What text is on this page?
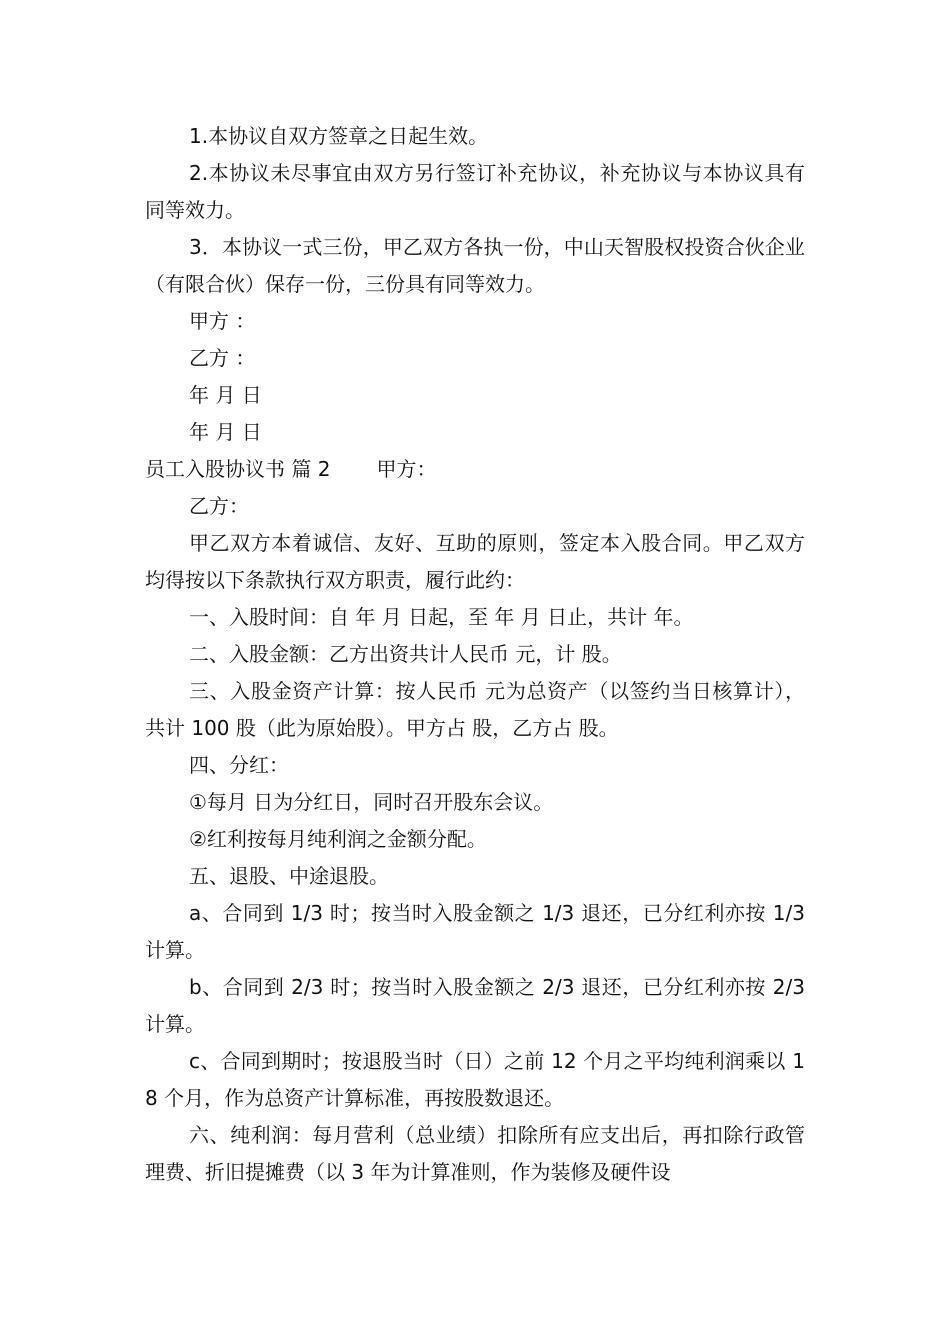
1.本协议自双方签章之日起生效。

2.本协议未尽事宜由双方另行签订补充协议，补充协议与本协议具有同等效力。

3．本协议一式三份，甲乙双方各执一份，中山天智股权投资合伙企业（有限合伙）保存一份，三份具有同等效力。

甲方 ：

乙方 ：

年 月 日

年 月 日

员工入股协议书 篇 2 甲方：

乙方：

甲乙双方本着诚信、友好、互助的原则，签定本入股合同。甲乙双方均得按以下条款执行双方职责，履行此约：

一、入股时间：自 年 月 日起，至 年 月 日止，共计 年。

二、入股金额：乙方出资共计人民币 元，计 股。

三、入股金资产计算：按人民币 元为总资产（以签约当日核算计），共计 100 股（此为原始股）。甲方占 股，乙方占 股。

四、分红：

①每月 日为分红日，同时召开股东会议。

②红利按每月纯利润之金额分配。

五、退股、中途退股。

a、合同到 1/3 时；按当时入股金额之 1/3 退还，已分红利亦按 1/3 计算。

b、合同到 2/3 时；按当时入股金额之 2/3 退还，已分红利亦按 2/3 计算。

c、合同到期时；按退股当时（日）之前 12 个月之平均纯利润乘以 18 个月，作为总资产计算标准，再按股数退还。

六、纯利润：每月营利（总业绩）扣除所有应支出后，再扣除行政管理费、折旧提摊费（以 3 年为计算准则，作为装修及硬件设
